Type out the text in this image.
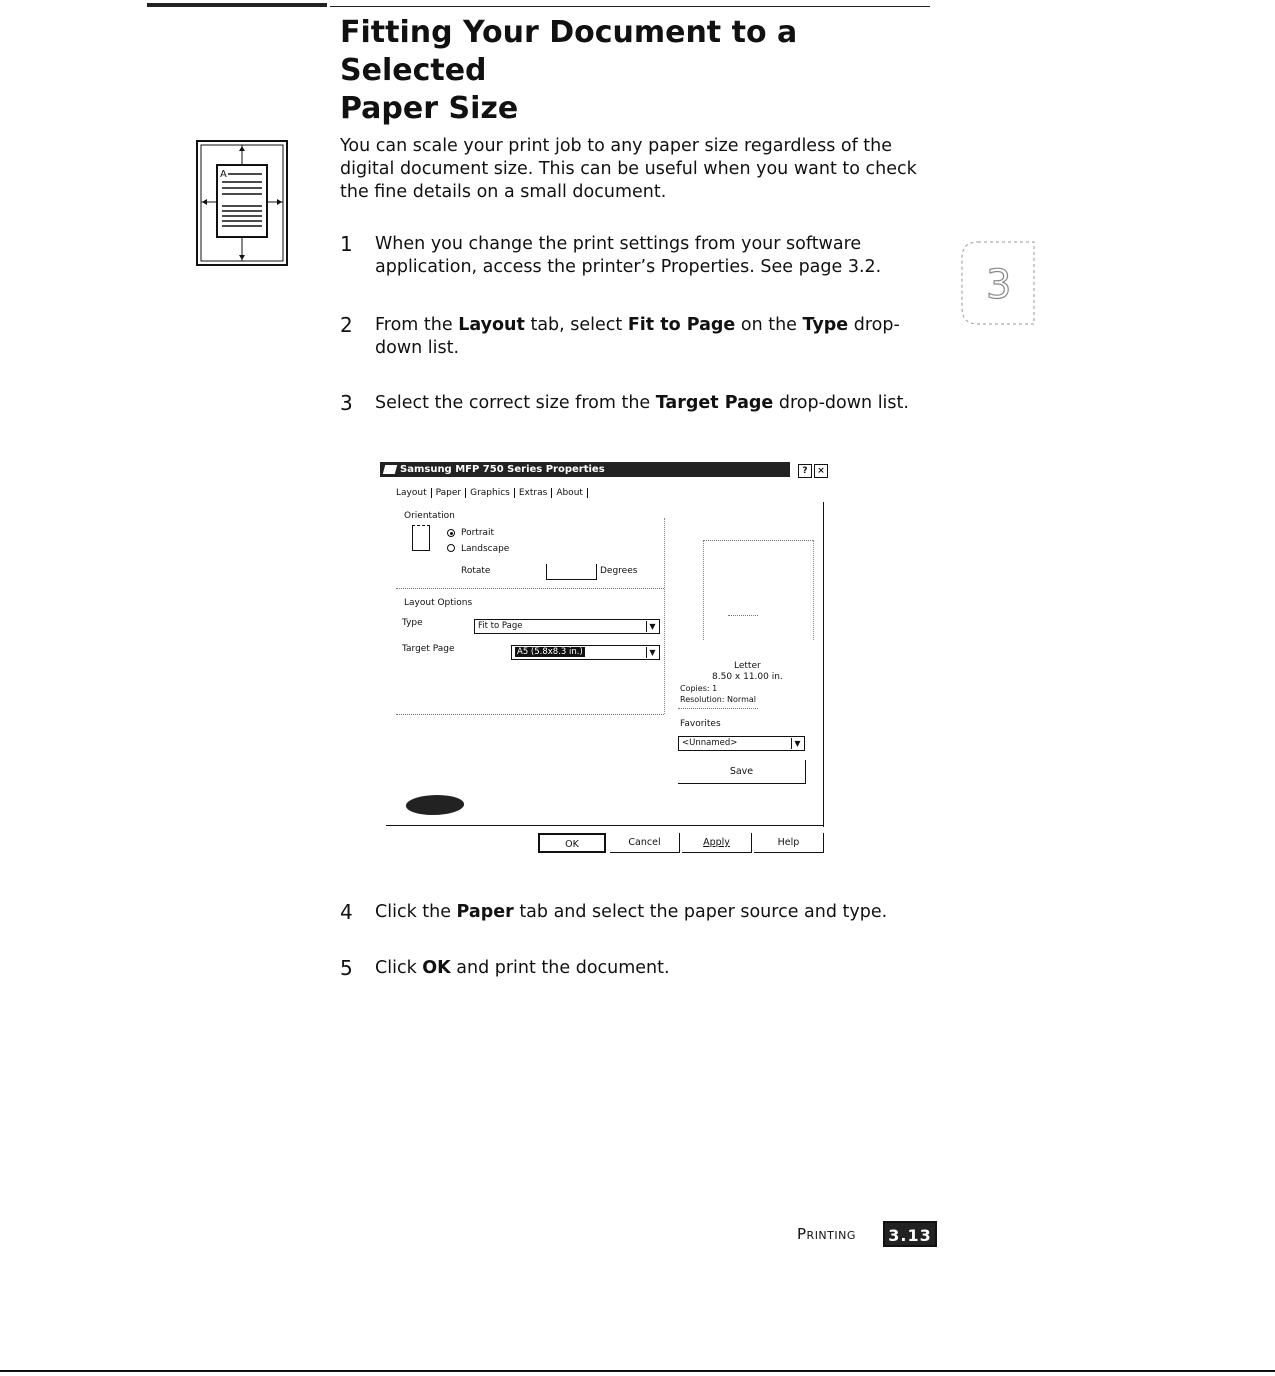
Fitting Your Document to a Selected
Paper Size
A
You can scale your print job to any paper size regardless of the digital document size. This can be useful when you want to check the fine details on a small document.
1 When you change the print settings from your software application, access the printer’s Properties. See page 3.2.
2 From the Layout tab, select Fit to Page on the Type drop-down list.
3 Select the correct size from the Target Page drop-down list.
3
Samsung MFP 750 Series Properties	?	×
Layout Paper Graphics Extras About
Orientation
Portrait
Landscape
Rotate	Degrees
Layout Options
Type	Fit to Page	▼
Target Page	A5 (5.8x8.3 in.)	▼
Letter
8.50 x 11.00 in.
Copies: 1
Resolution: Normal
Favorites
<Unnamed>	▼
Save
OK	Cancel	Apply	Help
4 Click the Paper tab and select the paper source and type.
5 Click OK and print the document.
Printing	3.13
